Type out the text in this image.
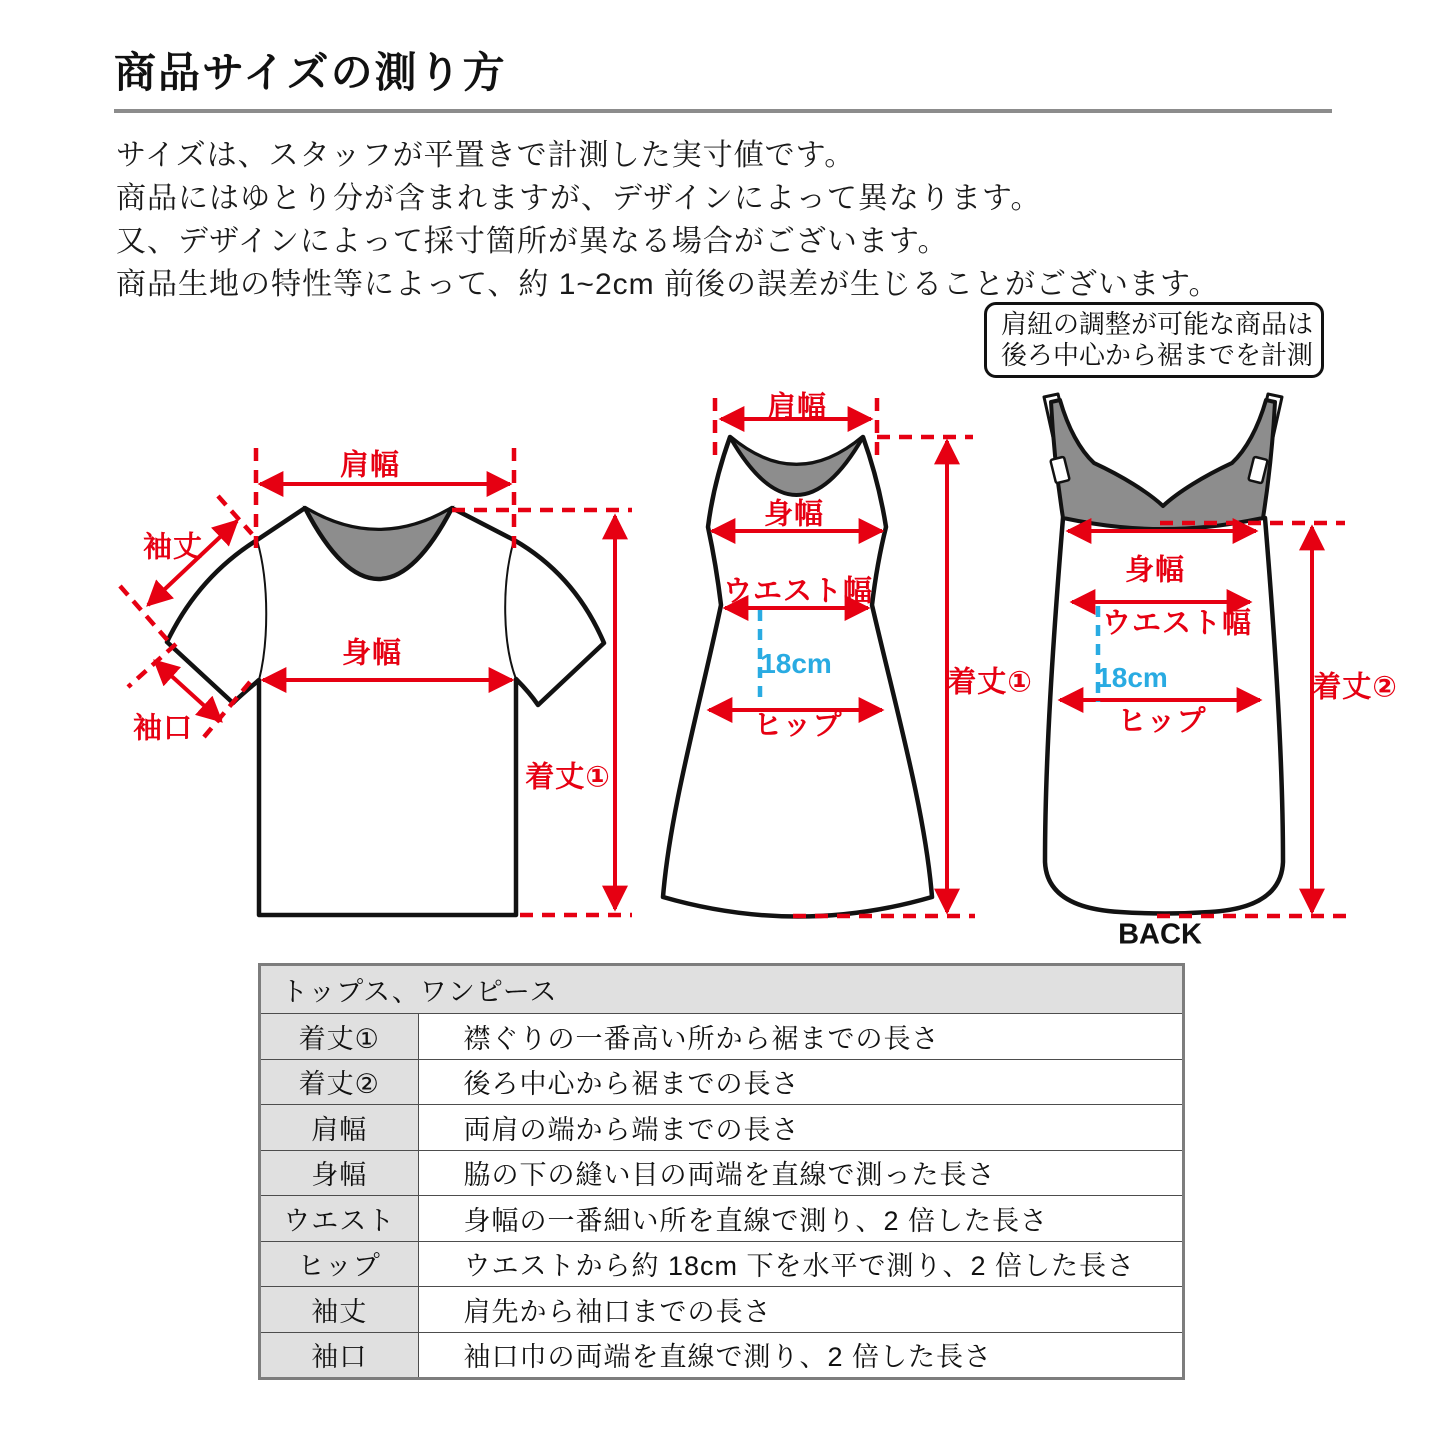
商品サイズの測り方
サイズは、スタッフが平置きで計測した実寸値です。
商品にはゆとり分が含まれますが、デザインによって異なります。
又、デザインによって採寸箇所が異なる場合がございます。
商品生地の特性等によって、約 1~2cm 前後の誤差が生じることがございます。
肩紐の調整が可能な商品は
後ろ中心から裾までを計測
肩幅
袖丈
袖口
身幅
着丈①
肩幅
身幅
ウエスト幅
18cm
ヒップ
着丈①
身幅
ウエスト幅
18cm
ヒップ
着丈②
BACK
トップス、ワンピース
着丈①	襟ぐりの一番高い所から裾までの長さ
着丈②	後ろ中心から裾までの長さ
肩幅	両肩の端から端までの長さ
身幅	脇の下の縫い目の両端を直線で測った長さ
ウエスト	身幅の一番細い所を直線で測り、2 倍した長さ
ヒップ	ウエストから約 18cm 下を水平で測り、2 倍した長さ
袖丈	肩先から袖口までの長さ
袖口	袖口巾の両端を直線で測り、2 倍した長さ
